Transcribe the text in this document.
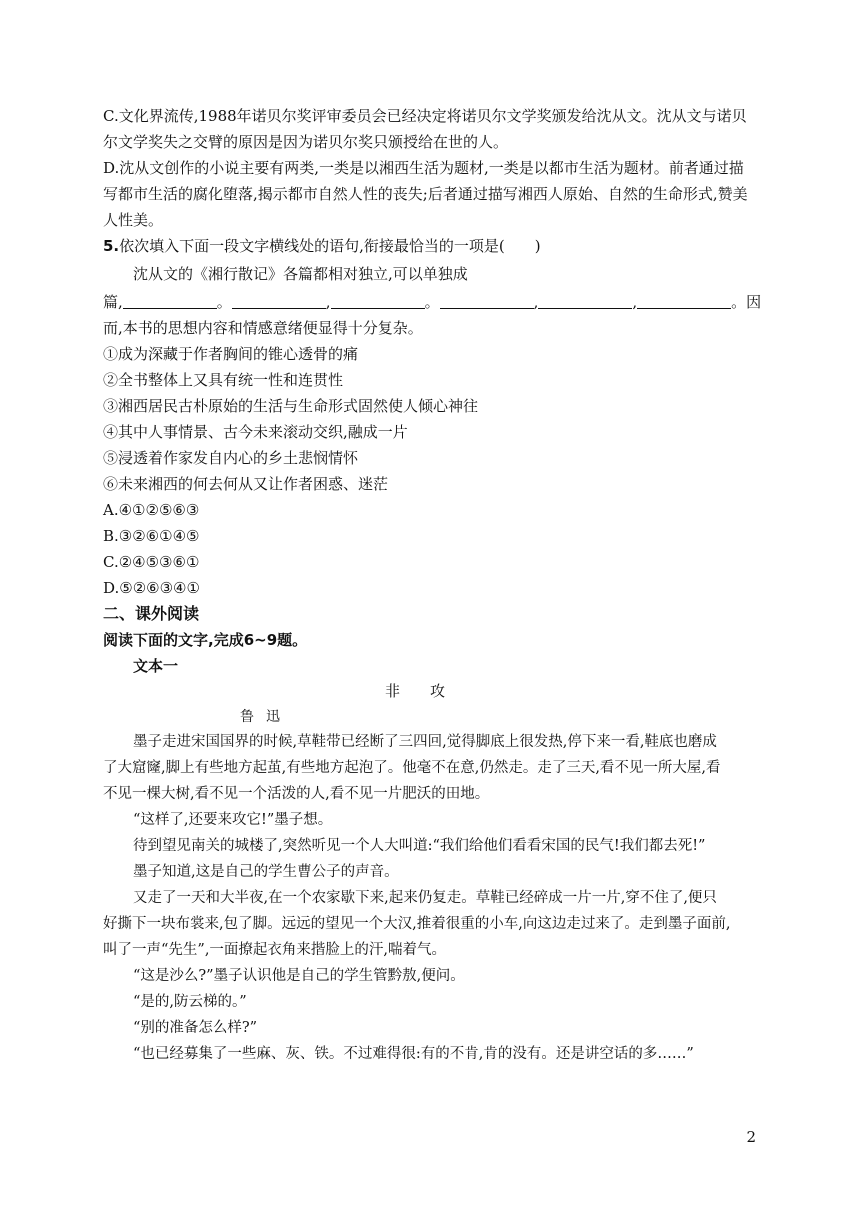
C.文化界流传,1988年诺贝尔奖评审委员会已经决定将诺贝尔文学奖颁发给沈从文。沈从文与诺贝
尔文学奖失之交臂的原因是因为诺贝尔奖只颁授给在世的人。
D.沈从文创作的小说主要有两类,一类是以湘西生活为题材,一类是以都市生活为题材。前者通过描
写都市生活的腐化堕落,揭示都市自然人性的丧失;后者通过描写湘西人原始、自然的生命形式,赞美
人性美。
5.依次填入下面一段文字横线处的语句,衔接最恰当的一项是(　　)
沈从文的《湘行散记》各篇都相对独立,可以单独成
篇,	。	,	。	,	,	。因
而,本书的思想内容和情感意绪便显得十分复杂。
①成为深藏于作者胸间的锥心透骨的痛
②全书整体上又具有统一性和连贯性
③湘西居民古朴原始的生活与生命形式固然使人倾心神往
④其中人事情景、古今未来滚动交织,融成一片
⑤浸透着作家发自内心的乡土悲悯情怀
⑥未来湘西的何去何从又让作者困惑、迷茫
A.④①②⑤⑥③
B.③②⑥①④⑤
C.②④⑤③⑥①
D.⑤②⑥③④①
二、课外阅读
阅读下面的文字,完成6~9题。
文本一
非攻
鲁迅
墨子走进宋国国界的时候,草鞋带已经断了三四回,觉得脚底上很发热,停下来一看,鞋底也磨成
了大窟窿,脚上有些地方起茧,有些地方起泡了。他毫不在意,仍然走。走了三天,看不见一所大屋,看
不见一棵大树,看不见一个活泼的人,看不见一片肥沃的田地。
“这样了,还要来攻它!”墨子想。
待到望见南关的城楼了,突然听见一个人大叫道:“我们给他们看看宋国的民气!我们都去死!”
墨子知道,这是自己的学生曹公子的声音。
又走了一天和大半夜,在一个农家歇下来,起来仍复走。草鞋已经碎成一片一片,穿不住了,便只
好撕下一块布裳来,包了脚。远远的望见一个大汉,推着很重的小车,向这边走过来了。走到墨子面前,
叫了一声“先生”,一面撩起衣角来揩脸上的汗,喘着气。
“这是沙么?”墨子认识他是自己的学生管黔敖,便问。
“是的,防云梯的。”
“别的准备怎么样?”
“也已经募集了一些麻、灰、铁。不过难得很:有的不肯,肯的没有。还是讲空话的多……”
2
